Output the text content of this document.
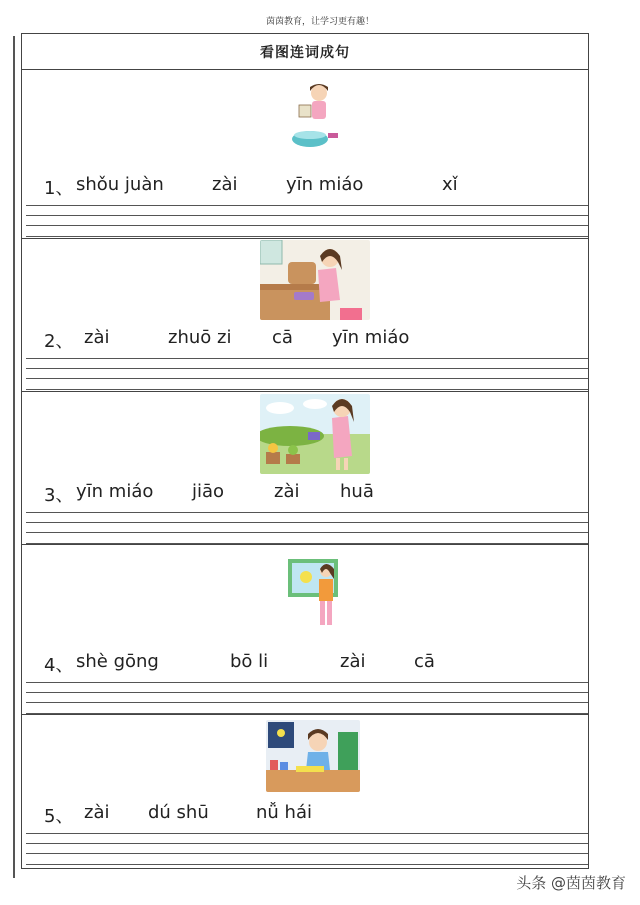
茵茵教育，让学习更有趣！
看图连词成句
1、 shǒu juàn	zài	yīn miáo	xǐ
2、 zài	zhuō zi cā yīn miáo
3、 yīn miáo jiāo	zài huā
4、 shè gōng	bō li	zài	cā
5、 zài dú shū	nǚ hái
头条 @茵茵教育
